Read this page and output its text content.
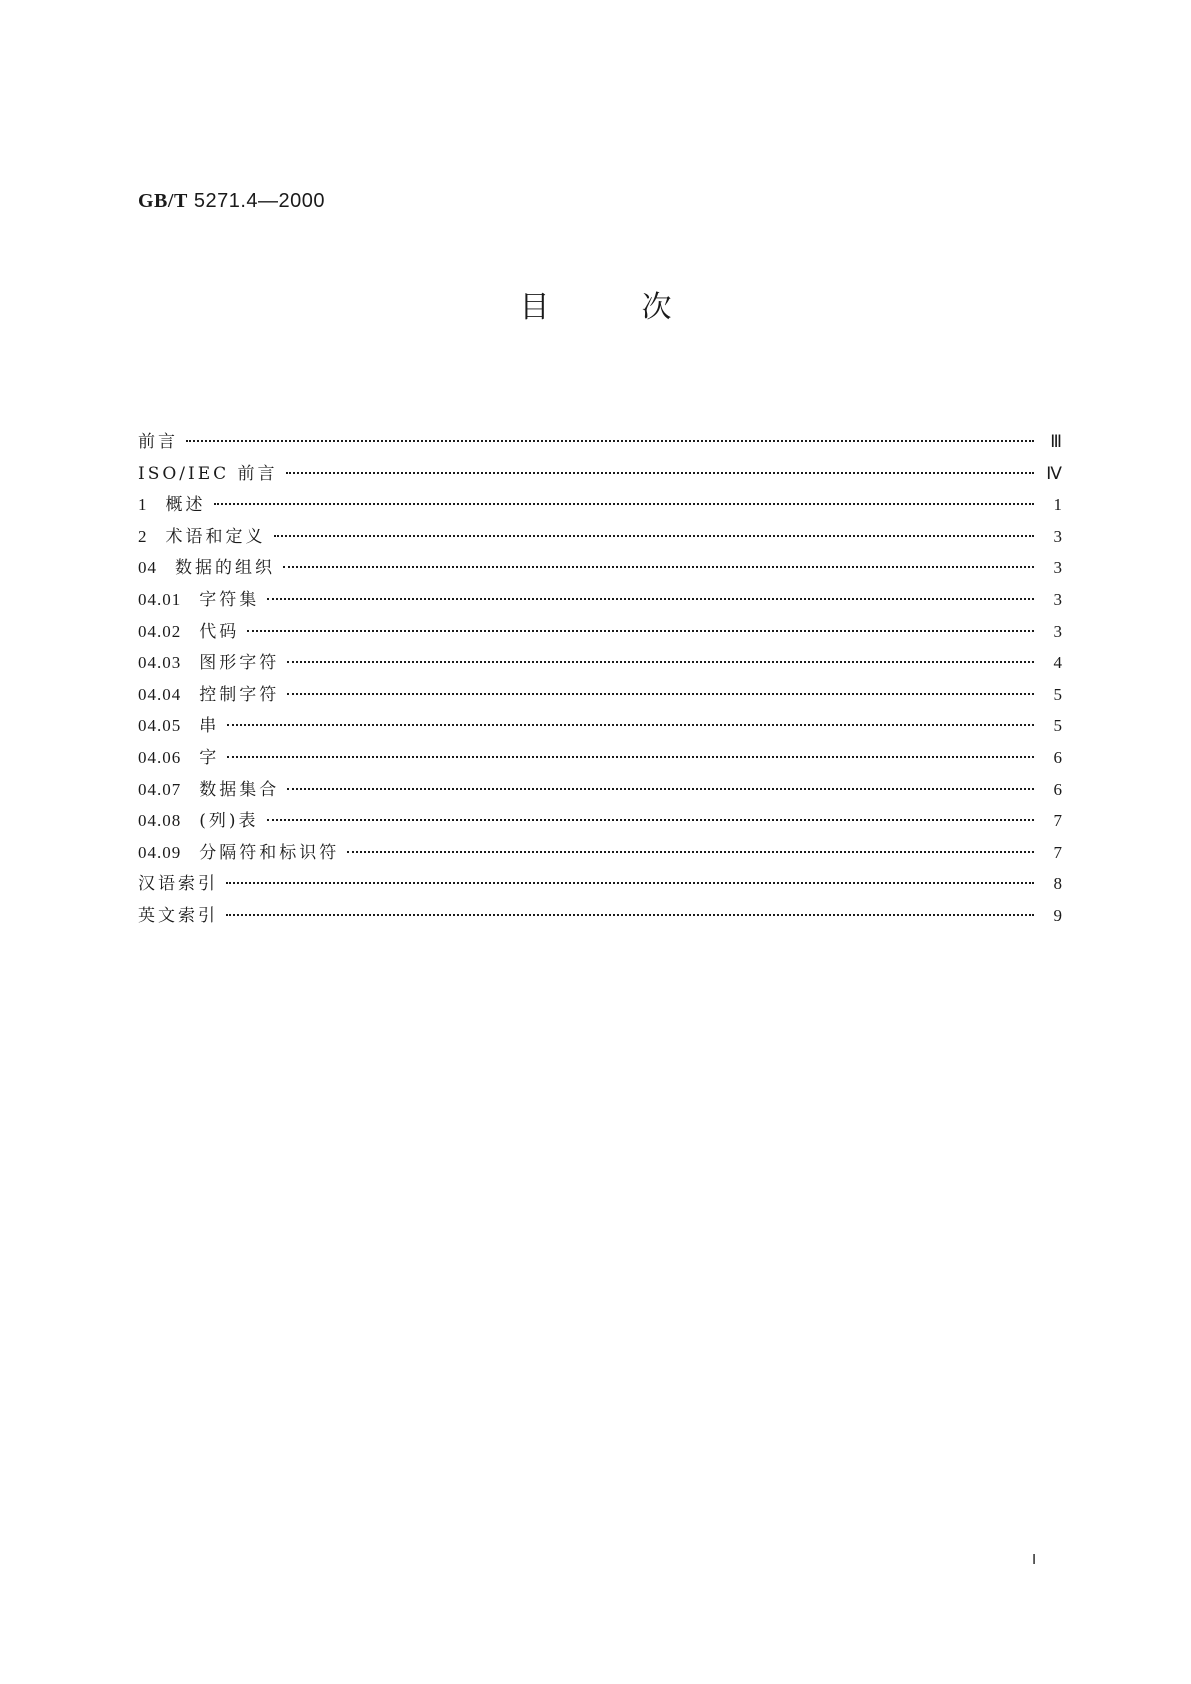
GB/T 5271.4—2000
目次
前言	Ⅲ
ISO/IEC 前言	Ⅳ
1　 概述	1
2　 术语和定义	3
04　 数据的组织	3
04.01　 字符集	3
04.02　 代码	3
04.03　 图形字符	4
04.04　 控制字符	5
04.05　 串	5
04.06　 字	6
04.07　 数据集合	6
04.08　 (列)表	7
04.09　 分隔符和标识符	7
汉语索引	8
英文索引	9
Ⅰ
